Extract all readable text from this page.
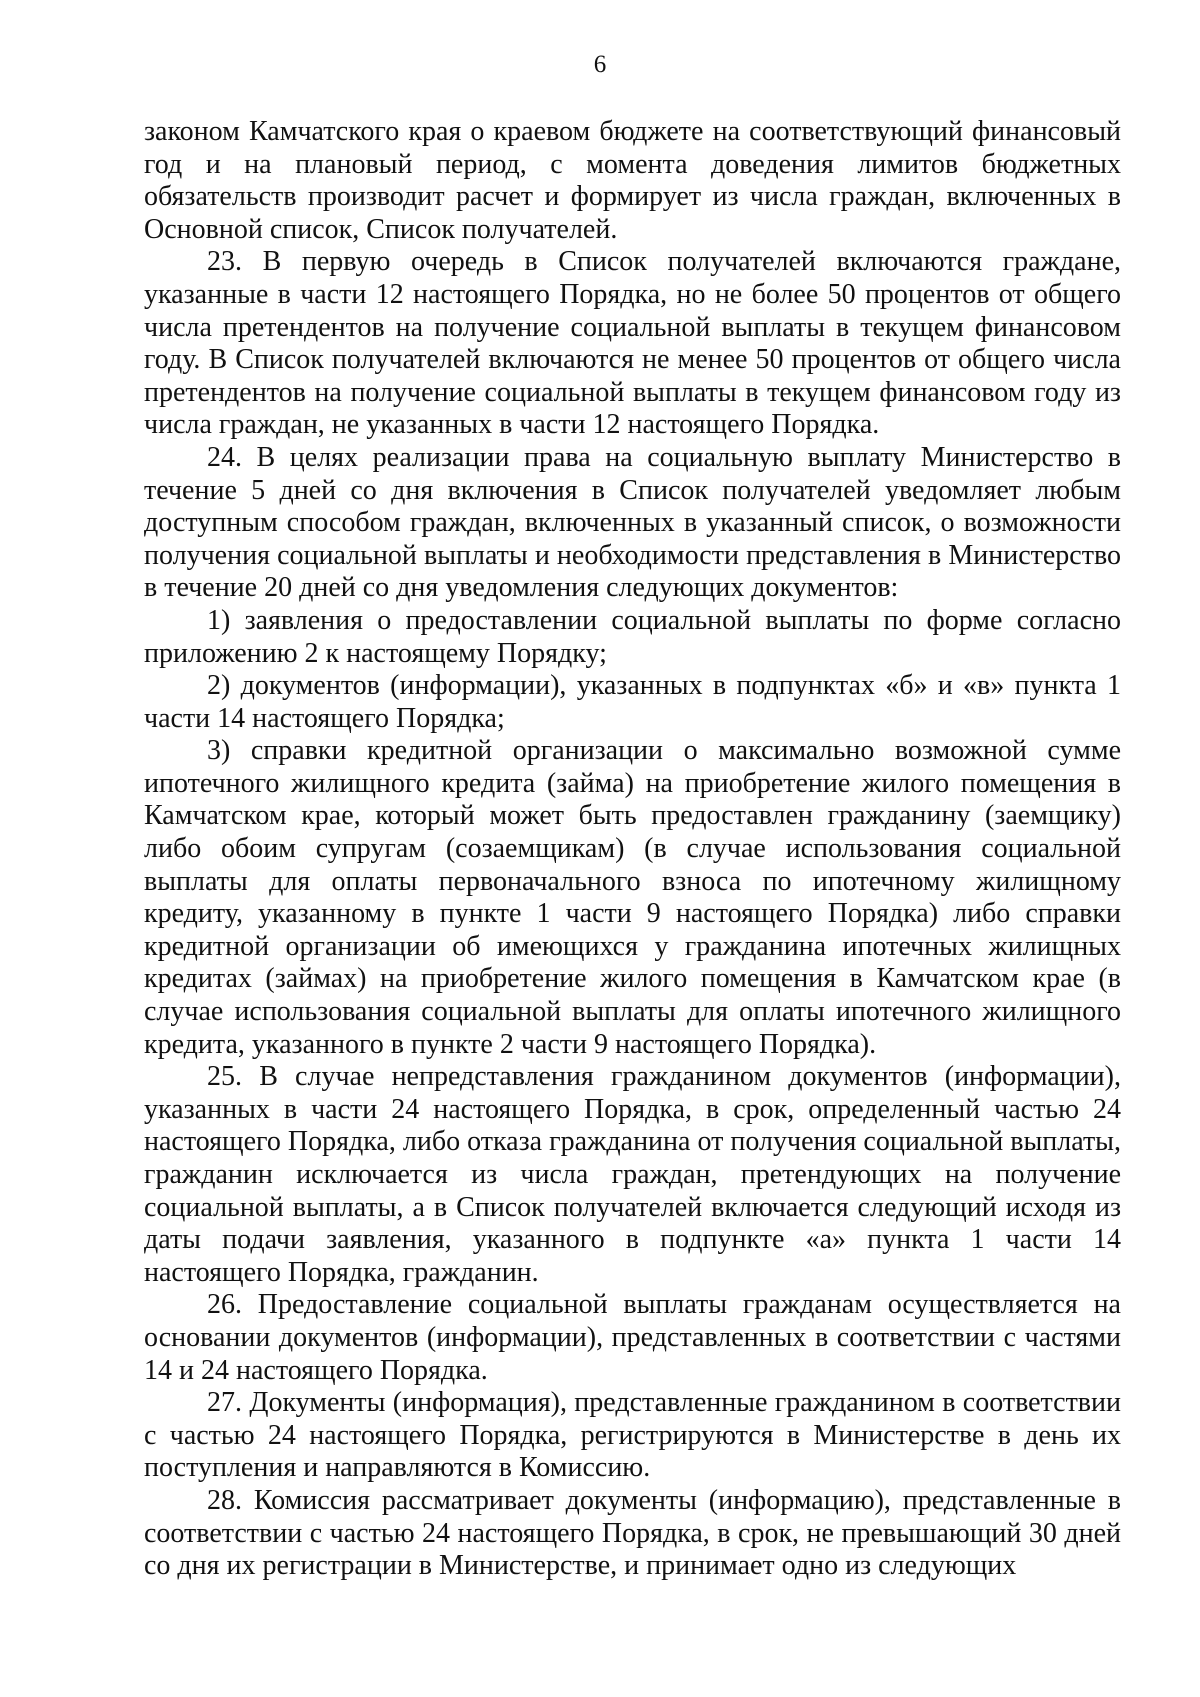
6

законом Камчатского края о краевом бюджете на соответствующий финансовый год и на плановый период, с момента доведения лимитов бюджетных обязательств производит расчет и формирует из числа граждан, включенных в Основной список, Список получателей.

23. В первую очередь в Список получателей включаются граждане, указанные в части 12 настоящего Порядка, но не более 50 процентов от общего числа претендентов на получение социальной выплаты в текущем финансовом году. В Список получателей включаются не менее 50 процентов от общего числа претендентов на получение социальной выплаты в текущем финансовом году из числа граждан, не указанных в части 12 настоящего Порядка.

24. В целях реализации права на социальную выплату Министерство в течение 5 дней со дня включения в Список получателей уведомляет любым доступным способом граждан, включенных в указанный список, о возможности получения социальной выплаты и необходимости представления в Министерство в течение 20 дней со дня уведомления следующих документов:

1) заявления о предоставлении социальной выплаты по форме согласно приложению 2 к настоящему Порядку;

2) документов (информации), указанных в подпунктах «б» и «в» пункта 1 части 14 настоящего Порядка;

3) справки кредитной организации о максимально возможной сумме ипотечного жилищного кредита (займа) на приобретение жилого помещения в Камчатском крае, который может быть предоставлен гражданину (заемщику) либо обоим супругам (созаемщикам) (в случае использования социальной выплаты для оплаты первоначального взноса по ипотечному жилищному кредиту, указанному в пункте 1 части 9 настоящего Порядка) либо справки кредитной организации об имеющихся у гражданина ипотечных жилищных кредитах (займах) на приобретение жилого помещения в Камчатском крае (в случае использования социальной выплаты для оплаты ипотечного жилищного кредита, указанного в пункте 2 части 9 настоящего Порядка).

25. В случае непредставления гражданином документов (информации), указанных в части 24 настоящего Порядка, в срок, определенный частью 24 настоящего Порядка, либо отказа гражданина от получения социальной выплаты, гражданин исключается из числа граждан, претендующих на получение социальной выплаты, а в Список получателей включается следующий исходя из даты подачи заявления, указанного в подпункте «а» пункта 1 части 14 настоящего Порядка, гражданин.

26. Предоставление социальной выплаты гражданам осуществляется на основании документов (информации), представленных в соответствии с частями 14 и 24 настоящего Порядка.

27. Документы (информация), представленные гражданином в соответствии с частью 24 настоящего Порядка, регистрируются в Министерстве в день их поступления и направляются в Комиссию.

28. Комиссия рассматривает документы (информацию), представленные в соответствии с частью 24 настоящего Порядка, в срок, не превышающий 30 дней со дня их регистрации в Министерстве, и принимает одно из следующих
